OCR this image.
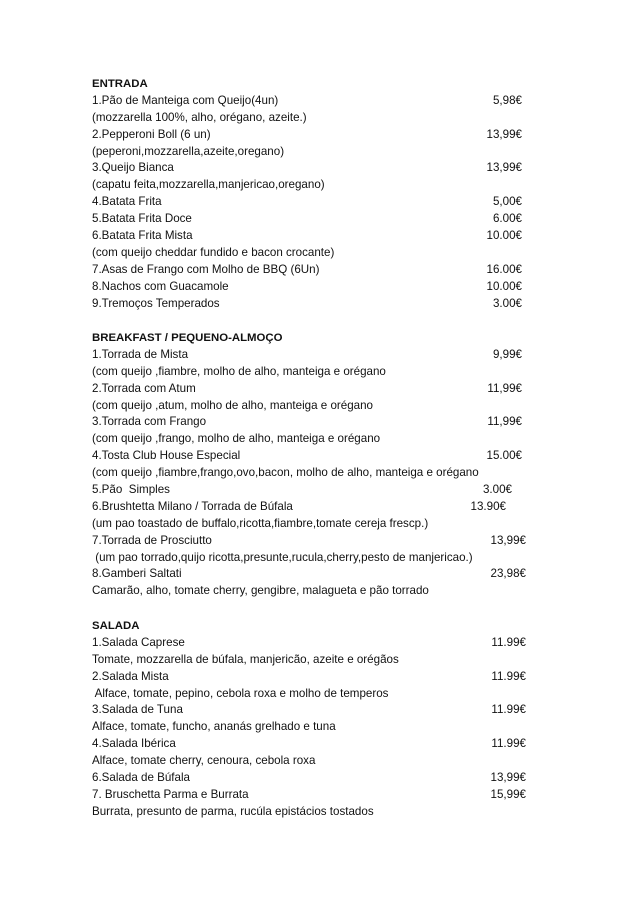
ENTRADA
1.Pão de Manteiga com Queijo(4un)	5,98€
(mozzarella 100%, alho, orégano, azeite.)
2.Pepperoni Boll (6 un)	13,99€
(peperoni,mozzarella,azeite,oregano)
3.Queijo Bianca	13,99€
(capatu feita,mozzarella,manjericao,oregano)
4.Batata Frita	5,00€
5.Batata Frita Doce	6.00€
6.Batata Frita Mista	10.00€
(com queijo cheddar fundido e bacon crocante)
7.Asas de Frango com Molho de BBQ (6Un)	16.00€
8.Nachos com Guacamole	10.00€
9.Tremoços Temperados	3.00€
BREAKFAST / PEQUENO-ALMOÇO
1.Torrada de Mista	9,99€
(com queijo ,fiambre, molho de alho, manteiga e orégano
2.Torrada com Atum	11,99€
(com queijo ,atum, molho de alho, manteiga e orégano
3.Torrada com Frango	11,99€
(com queijo ,frango, molho de alho, manteiga e orégano
4.Tosta Club House Especial	15.00€
(com queijo ,fiambre,frango,ovo,bacon, molho de alho, manteiga e orégano
5.Pão  Simples	3.00€
6.Brushtetta Milano / Torrada de Búfala	13.90€
(um pao toastado de buffalo,ricotta,fiambre,tomate cereja frescp.)
7.Torrada de Prosciutto	13,99€
(um pao torrado,quijo ricotta,presunte,rucula,cherry,pesto de manjericao.)
8.Gamberi Saltati	23,98€
Camarão, alho, tomate cherry, gengibre, malagueta e pão torrado
SALADA
1.Salada Caprese	11.99€
Tomate, mozzarella de búfala, manjericão, azeite e orégãos
2.Salada Mista	11.99€
Alface, tomate, pepino, cebola roxa e molho de temperos
3.Salada de Tuna	11.99€
Alface, tomate, funcho, ananás grelhado e tuna
4.Salada Ibérica	11.99€
Alface, tomate cherry, cenoura, cebola roxa
6.Salada de Búfala	13,99€
7. Bruschetta Parma e Burrata	15,99€
Burrata, presunto de parma, rucúla epistácios tostados
